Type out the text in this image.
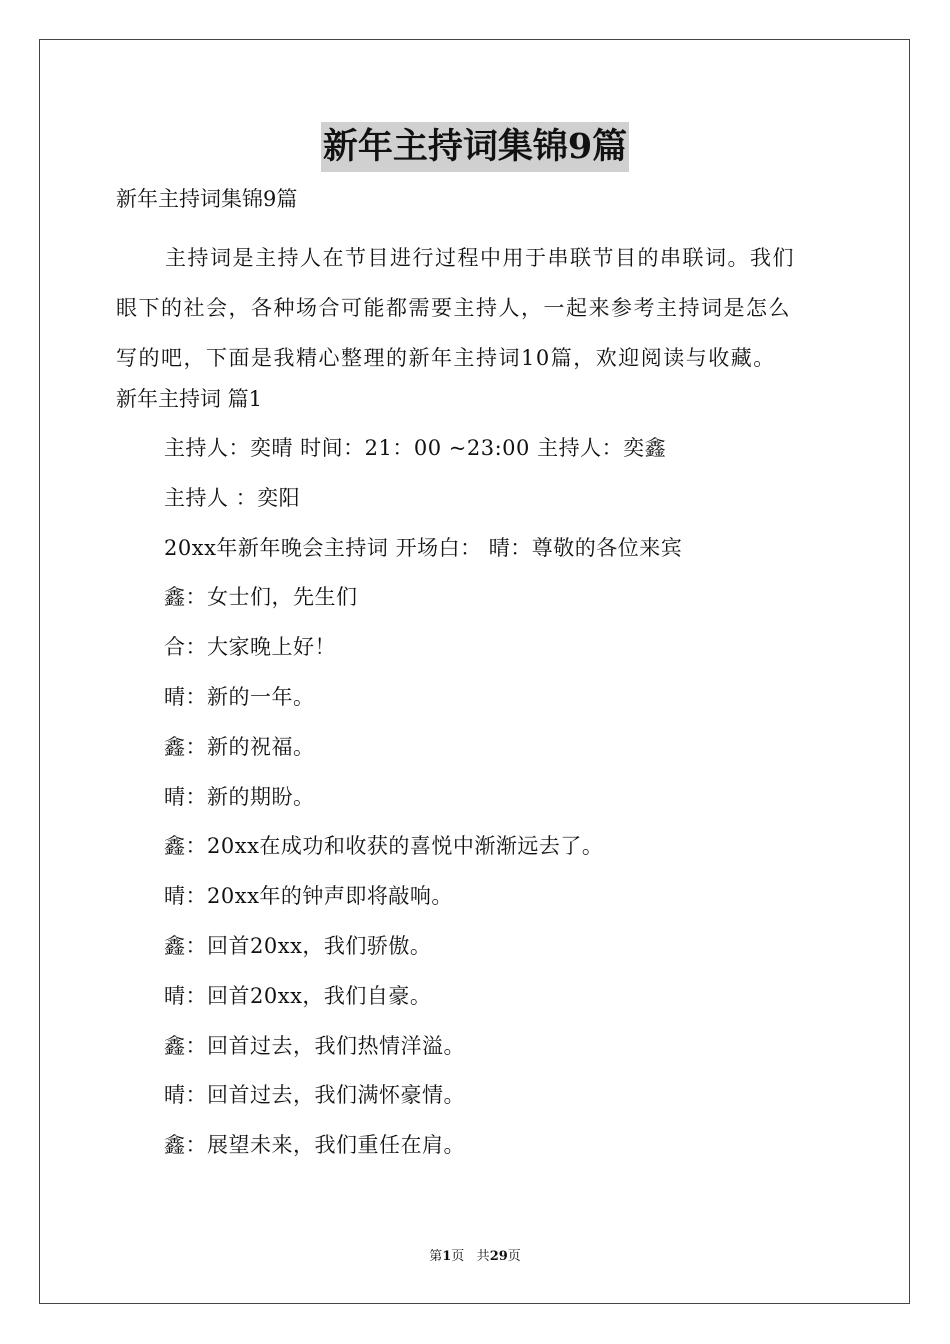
新年主持词集锦9篇
新年主持词集锦9篇
主持词是主持人在节目进行过程中用于串联节目的串联词。我们
眼下的社会，各种场合可能都需要主持人，一起来参考主持词是怎么
写的吧，下面是我精心整理的新年主持词10篇，欢迎阅读与收藏。
新年主持词 篇1
主持人：奕晴 时间：21：00 ~23:00 主持人：奕鑫
主持人 ：奕阳
20xx年新年晚会主持词 开场白： 晴：尊敬的各位来宾
鑫：女士们，先生们
合：大家晚上好！
晴：新的一年。
鑫：新的祝福。
晴：新的期盼。
鑫：20xx在成功和收获的喜悦中渐渐远去了。
晴：20xx年的钟声即将敲响。
鑫：回首20xx，我们骄傲。
晴：回首20xx，我们自豪。
鑫：回首过去，我们热情洋溢。
晴：回首过去，我们满怀豪情。
鑫：展望未来，我们重任在肩。
第1页 共29页
